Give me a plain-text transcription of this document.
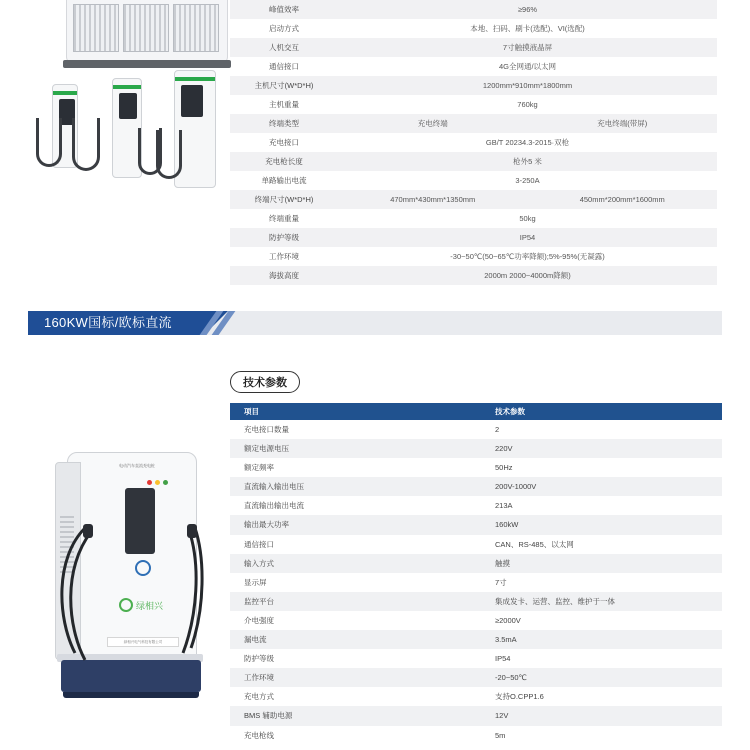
峰值效率	≥96%
启动方式	本地、扫码、刷卡(选配)、VI(选配)
人机交互	7寸触摸液晶屏
通信接口	4G全网通/以太网
主机尺寸(W*D*H)	1200mm*910mm*1800mm
主机重量	760kg
终端类型	充电终端	充电终端(带屏)
充电接口	GB/T 20234.3-2015·双枪
充电枪长度	枪外5 米
单路输出电流	3-250A
终端尺寸(W*D*H)	470mm*430mm*1350mm	450mm*200mm*1600mm
终端重量	50kg
防护等级	IP54
工作环境	-30~50℃(50~65℃功率降额);5%-95%(无凝露)
海拔高度	2000m 2000~4000m降额)
160KW国标/欧标直流
电动汽车直流充电桩
绿相兴
绿相兴电气科技有限公司
技术参数
项目	技术参数
充电接口数量	2
额定电源电压	220V
额定频率	50Hz
直流输入输出电压	200V-1000V
直流输出输出电流	213A
输出最大功率	160kW
通信接口	CAN、RS-485、以太网
输入方式	触摸
显示屏	7寸
监控平台	集成发卡、运营、监控、维护于一体
介电强度	≥2000V
漏电流	3.5mA
防护等级	IP54
工作环境	-20~50℃
充电方式	支持O.CPP1.6
BMS 辅助电源	12V
充电枪线	5m
